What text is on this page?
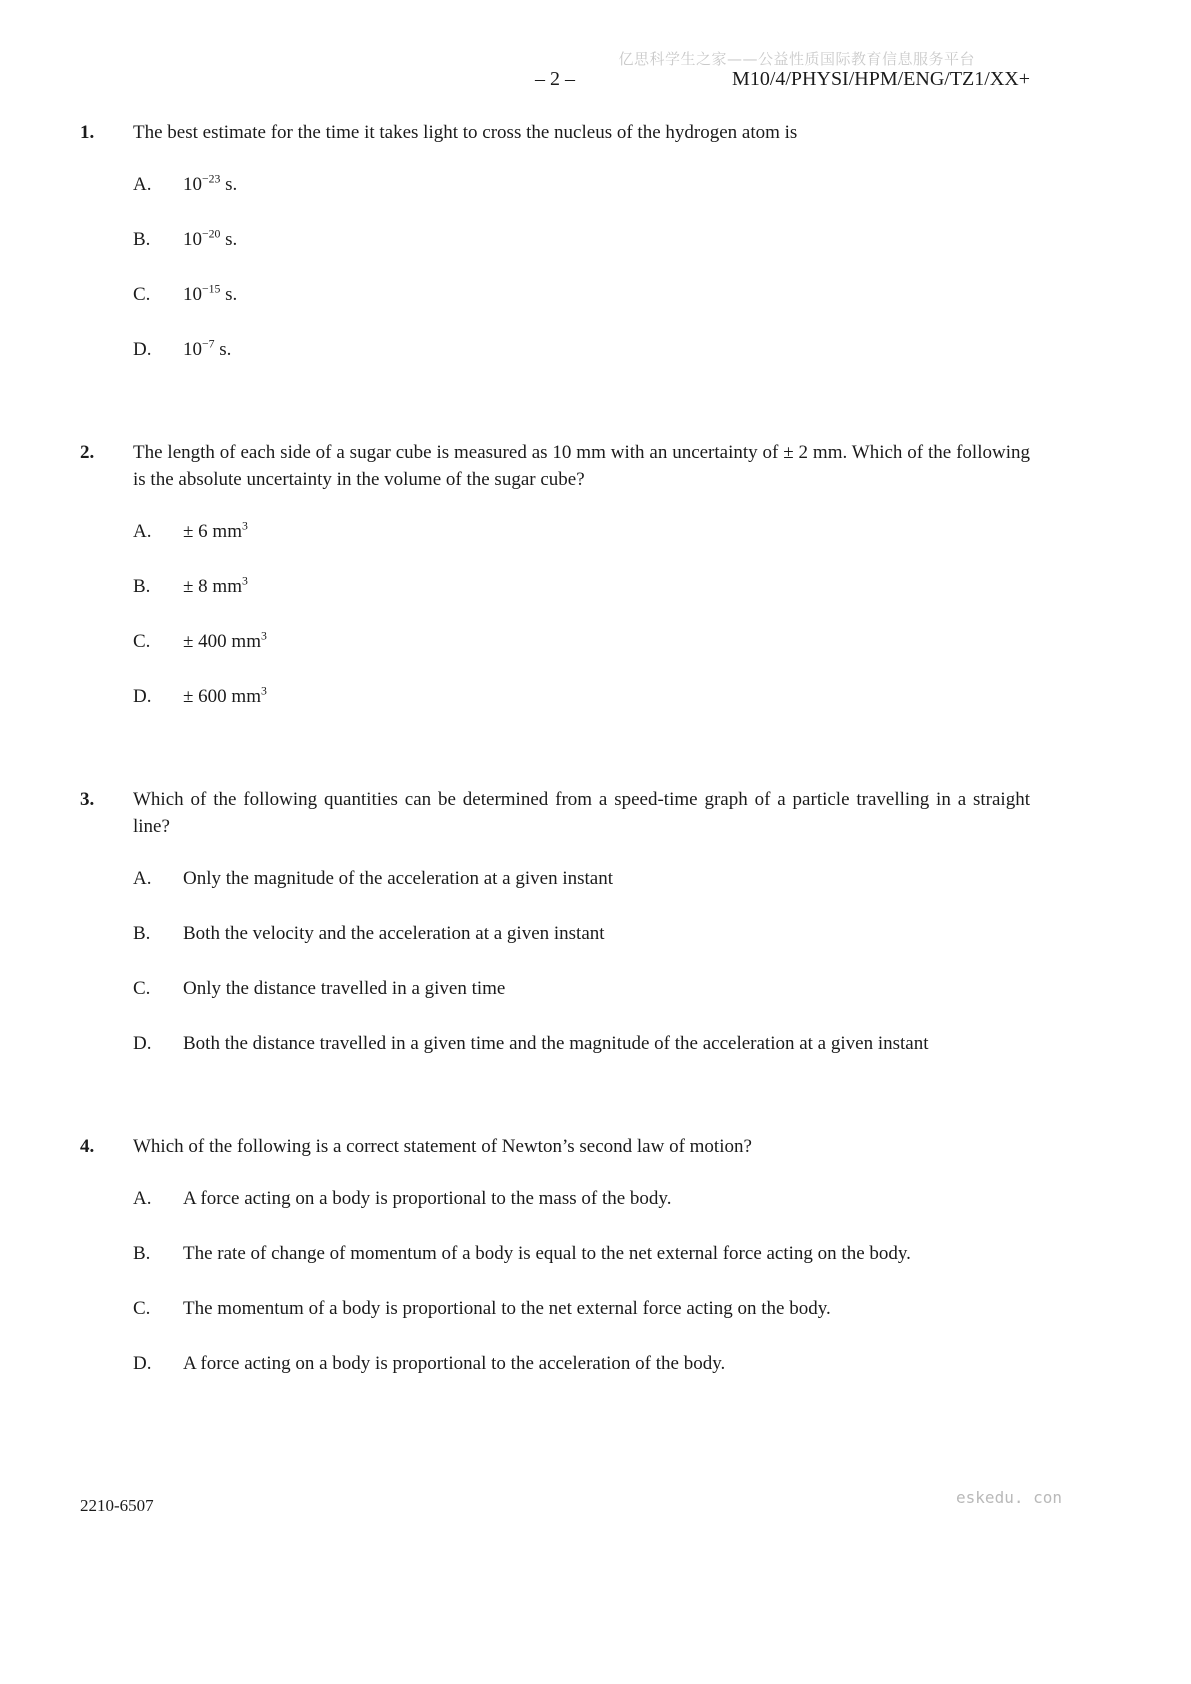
亿思科学生之家——公益性质国际教育信息服务平台
– 2 –	M10/4/PHYSI/HPM/ENG/TZ1/XX+
1.	The best estimate for the time it takes light to cross the nucleus of the hydrogen atom is
A.	$10^{-23}$ s.
B.	$10^{-20}$ s.
C.	$10^{-15}$ s.
D.	$10^{-7}$ s.
2.	The length of each side of a sugar cube is measured as 10 mm with an uncertainty of ± 2 mm. Which of the following is the absolute uncertainty in the volume of the sugar cube?
A.	± 6 $mm^3$
B.	± 8 $mm^3$
C.	± 400 $mm^3$
D.	± 600 $mm^3$
3.	Which of the following quantities can be determined from a speed-time graph of a particle travelling in a straight line?
A.	Only the magnitude of the acceleration at a given instant
B.	Both the velocity and the acceleration at a given instant
C.	Only the distance travelled in a given time
D.	Both the distance travelled in a given time and the magnitude of the acceleration at a given instant
4.	Which of the following is a correct statement of Newton’s second law of motion?
A.	A force acting on a body is proportional to the mass of the body.
B.	The rate of change of momentum of a body is equal to the net external force acting on the body.
C.	The momentum of a body is proportional to the net external force acting on the body.
D.	A force acting on a body is proportional to the acceleration of the body.
2210-6507	eskedu. con
